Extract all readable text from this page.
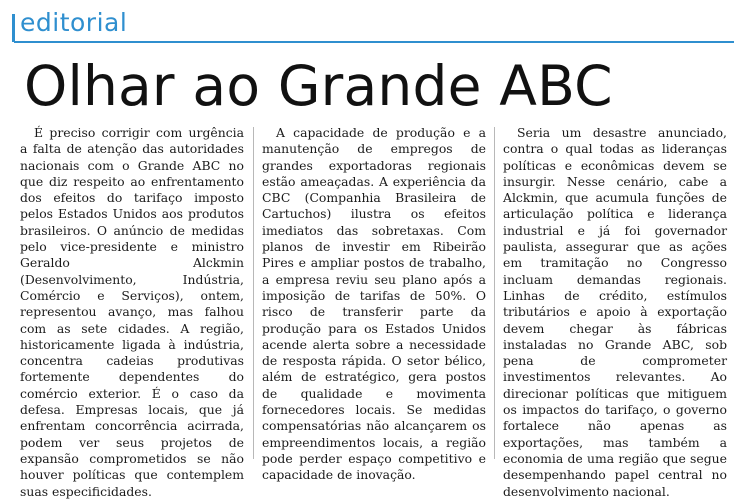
editorial
Olhar ao Grande ABC

É preciso corrigir com urgência a falta de atenção das autoridades nacionais com o Grande ABC no que diz respeito ao enfrentamento dos efeitos do tarifaço imposto pelos Estados Unidos aos produtos brasileiros. O anúncio de medidas pelo vice-presidente e ministro Geraldo Alckmin (Desenvolvimento, Indústria, Comércio e Serviços), ontem, representou avanço, mas falhou com as sete cidades. A região, historicamente ligada à indústria, concentra cadeias produtivas fortemente dependentes do comércio exterior. É o caso da defesa. Empresas locais, que já enfrentam concorrência acirrada, podem ver seus projetos de expansão comprometidos se não houver políticas que contemplem suas especificidades.

A capacidade de produção e a manutenção de empregos de grandes exportadoras regionais estão ameaçadas. A experiência da CBC (Companhia Brasileira de Cartuchos) ilustra os efeitos imediatos das sobretaxas. Com planos de investir em Ribeirão Pires e ampliar postos de trabalho, a empresa reviu seu plano após a imposição de tarifas de 50%. O risco de transferir parte da produção para os Estados Unidos acende alerta sobre a necessidade de resposta rápida. O setor bélico, além de estratégico, gera postos de qualidade e movimenta fornecedores locais. Se medidas compensatórias não alcançarem os empreendimentos locais, a região pode perder espaço competitivo e capacidade de inovação.

Seria um desastre anunciado, contra o qual todas as lideranças políticas e econômicas devem se insurgir. Nesse cenário, cabe a Alckmin, que acumula funções de articulação política e liderança industrial e já foi governador paulista, assegurar que as ações em tramitação no Congresso incluam demandas regionais. Linhas de crédito, estímulos tributários e apoio à exportação devem chegar às fábricas instaladas no Grande ABC, sob pena de comprometer investimentos relevantes. Ao direcionar políticas que mitiguem os impactos do tarifaço, o governo fortalece não apenas as exportações, mas também a economia de uma região que segue desempenhando papel central no desenvolvimento nacional.
